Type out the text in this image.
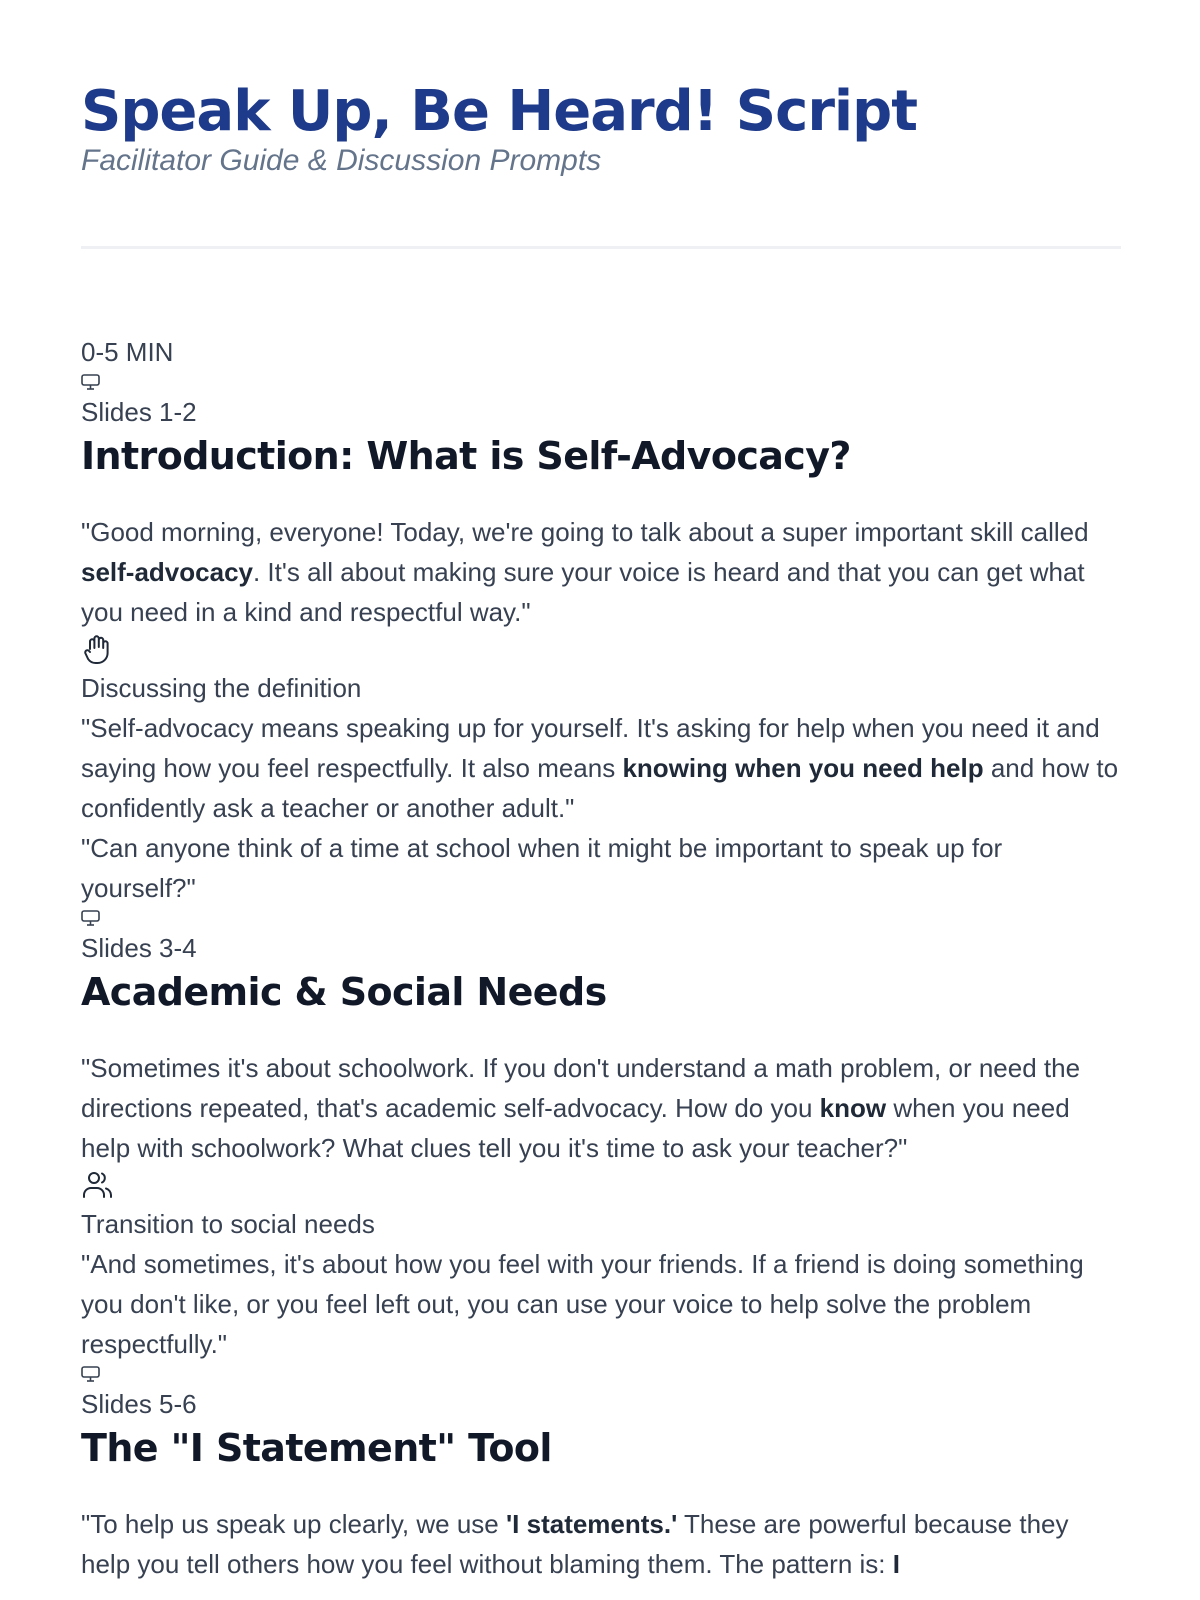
Speak Up, Be Heard! Script

Facilitator Guide & Discussion Prompts

0-5 MIN

Slides 1-2

Introduction: What is Self-Advocacy?

"Good morning, everyone! Today, we're going to talk about a super important skill called self-advocacy. It's all about making sure your voice is heard and that you can get what you need in a kind and respectful way."

Discussing the definition

"Self-advocacy means speaking up for yourself. It's asking for help when you need it and saying how you feel respectfully. It also means knowing when you need help and how to confidently ask a teacher or another adult."

"Can anyone think of a time at school when it might be important to speak up for yourself?"

Slides 3-4

Academic & Social Needs

"Sometimes it's about schoolwork. If you don't understand a math problem, or need the directions repeated, that's academic self-advocacy. How do you know when you need help with schoolwork? What clues tell you it's time to ask your teacher?"

Transition to social needs

"And sometimes, it's about how you feel with your friends. If a friend is doing something you don't like, or you feel left out, you can use your voice to help solve the problem respectfully."

Slides 5-6

The "I Statement" Tool

"To help us speak up clearly, we use 'I statements.' These are powerful because they help you tell others how you feel without blaming them. The pattern is: I
